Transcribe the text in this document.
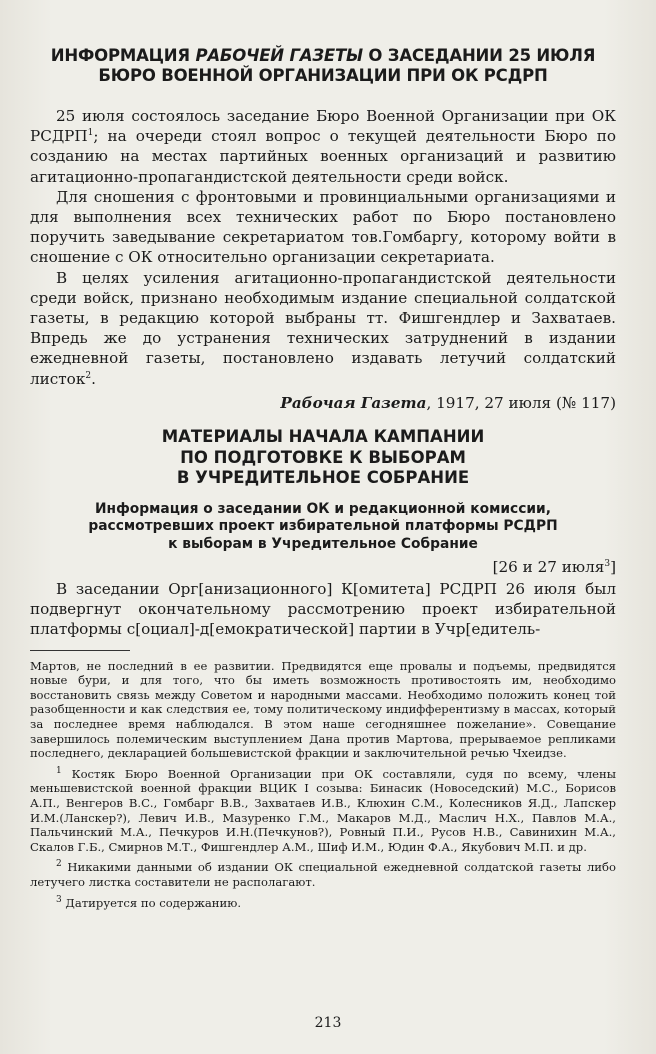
ИНФОРМАЦИЯ РАБОЧЕЙ ГАЗЕТЫ О ЗАСЕДАНИИ 25 ИЮЛЯ
БЮРО ВОЕННОЙ ОРГАНИЗАЦИИ ПРИ ОК РСДРП

25 июля состоялось заседание Бюро Военной Организации при ОК РСДРП$^1$; на очереди стоял вопрос о текущей деятельности Бюро по созданию на местах партийных военных организаций и развитию агитационно-пропагандистской деятельности среди войск.

Для сношения с фронтовыми и провинциальными организациями и для выполнения всех технических работ по Бюро постановлено поручить заведывание секретариатом тов.Гомбаргу, которому войти в сношение с ОК относительно организации секретариата.

В целях усиления агитационно-пропагандистской деятельности среди войск, признано необходимым издание специальной солдатской газеты, в редакцию которой выбраны тт. Фишгендлер и Захватаев. Впредь же до устранения технических затруднений в издании ежедневной газеты, постановлено издавать летучий солдатский листок$^2$.

Рабочая Газета, 1917, 27 июля (№ 117)
МАТЕРИАЛЫ НАЧАЛА КАМПАНИИ
ПО ПОДГОТОВКЕ К ВЫБОРАМ
В УЧРЕДИТЕЛЬНОЕ СОБРАНИЕ
Информация о заседании ОК и редакционной комиссии,
рассмотревших проект избирательной платформы РСДРП
к выборам в Учредительное Собрание
[26 и 27 июля$^3$]

В заседании Орг[анизационного] К[омитета] РСДРП 26 июля был подвергнут окончательному рассмотрению проект избирательной платформы с[оциал]-д[емократической] партии в Учр[едитель-

Мартов, не последний в ее развитии. Предвидятся еще провалы и подъемы, предвидятся новые бури, и для того, что бы иметь возможность противостоять им, необходимо восстановить связь между Советом и народными массами. Необходимо положить конец той разобщенности и как следствия ее, тому политическому индифферентизму в массах, который за последнее время наблюдался. В этом наше сегодняшнее пожелание». Совещание завершилось полемическим выступлением Дана против Мартова, прерываемое репликами последнего, декларацией большевистской фракции и заключительной речью Чхеидзе.

$^1$ Костяк Бюро Военной Организации при ОК составляли, судя по всему, члены меньшевистской военной фракции ВЦИК I созыва: Бинасик (Новоседский) М.С., Борисов А.П., Венгеров В.С., Гомбарг В.В., Захватаев И.В., Клюхин С.М., Колесников Я.Д., Лапскер И.М.(Ланскер?), Левич И.В., Мазуренко Г.М., Макаров М.Д., Маслич Н.Х., Павлов М.А., Пальчинский М.А., Печкуров И.Н.(Печкунов?), Ровный П.И., Русов Н.В., Савинихин М.А., Скалов Г.Б., Смирнов М.Т., Фишгендлер А.М., Шиф И.М., Юдин Ф.А., Якубович М.П. и др.

$^2$ Никакими данными об издании ОК специальной ежедневной солдатской газеты либо летучего листка составители не располагают.

$^3$ Датируется по содержанию.

213
